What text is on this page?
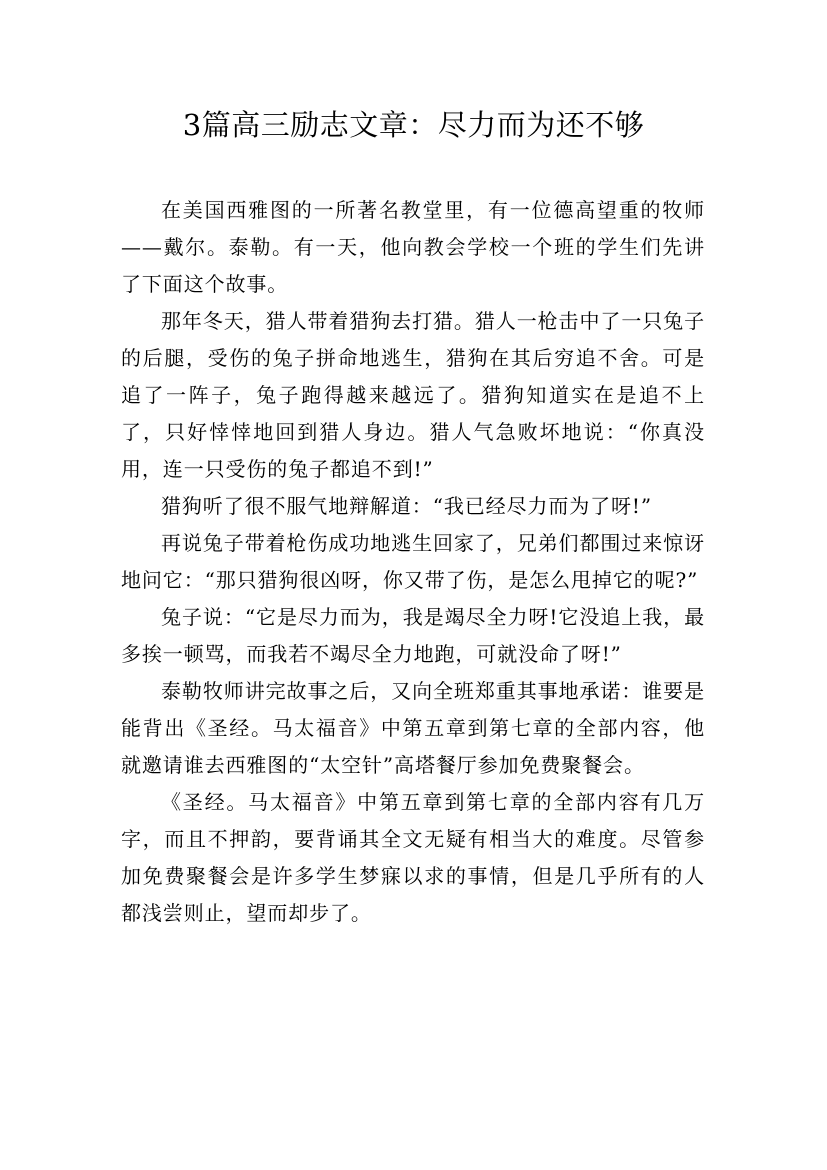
3篇高三励志文章：尽力而为还不够

在美国西雅图的一所著名教堂里，有一位德高望重的牧师——戴尔。泰勒。有一天，他向教会学校一个班的学生们先讲了下面这个故事。

那年冬天，猎人带着猎狗去打猎。猎人一枪击中了一只兔子的后腿，受伤的兔子拼命地逃生，猎狗在其后穷追不舍。可是追了一阵子，兔子跑得越来越远了。猎狗知道实在是追不上了，只好悻悻地回到猎人身边。猎人气急败坏地说：“你真没用，连一只受伤的兔子都追不到!”

猎狗听了很不服气地辩解道：“我已经尽力而为了呀!”

再说兔子带着枪伤成功地逃生回家了，兄弟们都围过来惊讶地问它：“那只猎狗很凶呀，你又带了伤，是怎么甩掉它的呢?”

兔子说：“它是尽力而为，我是竭尽全力呀!它没追上我，最多挨一顿骂，而我若不竭尽全力地跑，可就没命了呀!”

泰勒牧师讲完故事之后，又向全班郑重其事地承诺：谁要是能背出《圣经。马太福音》中第五章到第七章的全部内容，他就邀请谁去西雅图的“太空针”高塔餐厅参加免费聚餐会。

《圣经。马太福音》中第五章到第七章的全部内容有几万字，而且不押韵，要背诵其全文无疑有相当大的难度。尽管参加免费聚餐会是许多学生梦寐以求的事情，但是几乎所有的人都浅尝则止，望而却步了。
